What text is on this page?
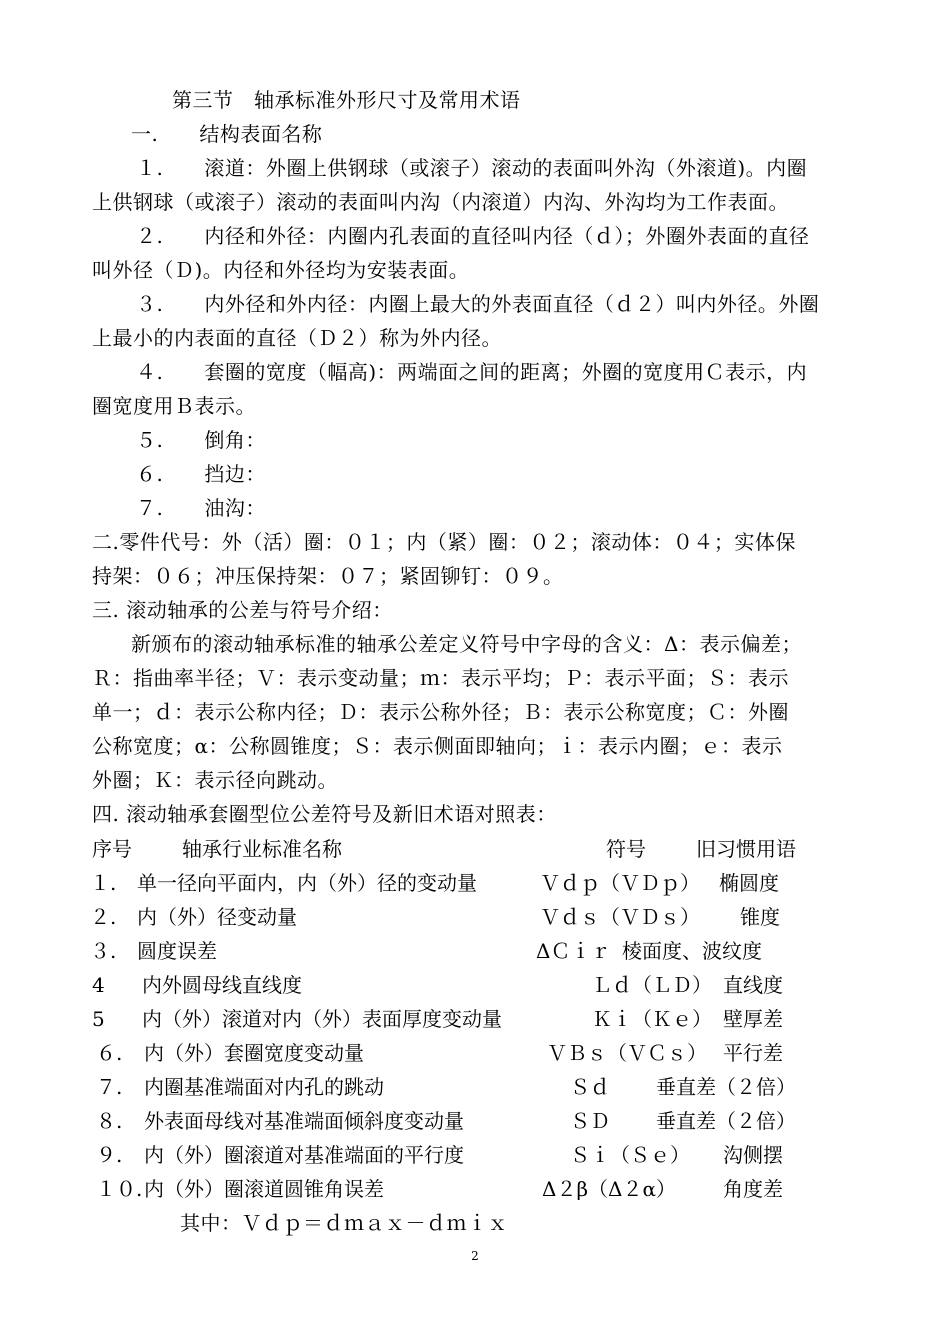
第三节　轴承标准外形尺寸及常用术语
一.　　结构表面名称
１.　　滚道：外圈上供钢球（或滚子）滚动的表面叫外沟（外滚道)。内圈
上供钢球（或滚子）滚动的表面叫内沟（内滚道）内沟、外沟均为工作表面。
２.　　内径和外径：内圈内孔表面的直径叫内径（ｄ）；外圈外表面的直径
叫外径（Ｄ)。内径和外径均为安装表面。
３.　　内外径和外内径：内圈上最大的外表面直径（ｄ２）叫内外径。外圈
上最小的内表面的直径（Ｄ２）称为外内径。
４.　　套圈的宽度（幅高)：两端面之间的距离；外圈的宽度用Ｃ表示，内
圈宽度用Ｂ表示。
５.　　倒角：
６.　　挡边：
７.　　油沟：
二.零件代号：外（活）圈：０１；内（紧）圈：０２；滚动体：０４；实体保
持架：０６；冲压保持架：０７；紧固铆钉：０９。
三. 滚动轴承的公差与符号介绍：
新颁布的滚动轴承标准的轴承公差定义符号中字母的含义：Δ：表示偏差；
Ｒ：指曲率半径；Ｖ：表示变动量；ｍ：表示平均；Ｐ：表示平面；Ｓ：表示
单一；ｄ：表示公称内径；Ｄ：表示公称外径；Ｂ：表示公称宽度；Ｃ：外圈
公称宽度；α：公称圆锥度；Ｓ：表示侧面即轴向；ｉ：表示内圈；ｅ：表示
外圈；Ｋ：表示径向跳动。
四. 滚动轴承套圈型位公差符号及新旧术语对照表：
序号	轴承行业标准名称	符号	旧习惯用语
１. 单一径向平面内，内（外）径的变动量	Ｖｄｐ（ＶＤｐ） 椭圆度
２. 内（外）径变动量	Ｖｄｓ（ＶＤｓ） 锥度
３. 圆度误差	ΔＣｉｒ 棱面度、波纹度
4 内外圆母线直线度	Ｌｄ（ＬＤ） 直线度
5 内（外）滚道对内（外）表面厚度变动量	Ｋｉ（Ｋｅ） 壁厚差
６. 内（外）套圈宽度变动量	ＶＢｓ（ＶＣｓ） 平行差
７. 内圈基准端面对内孔的跳动	Ｓｄ 垂直差（２倍）
８. 外表面母线对基准端面倾斜度变动量	ＳＤ 垂直差（２倍）
９. 内（外）圈滚道对基准端面的平行度	Ｓｉ（Ｓｅ） 沟侧摆
１０. 内（外）圈滚道圆锥角误差	Δ２β（Δ２α） 角度差
其中：Ｖｄｐ＝ｄｍａｘ－ｄｍｉｘ
2
